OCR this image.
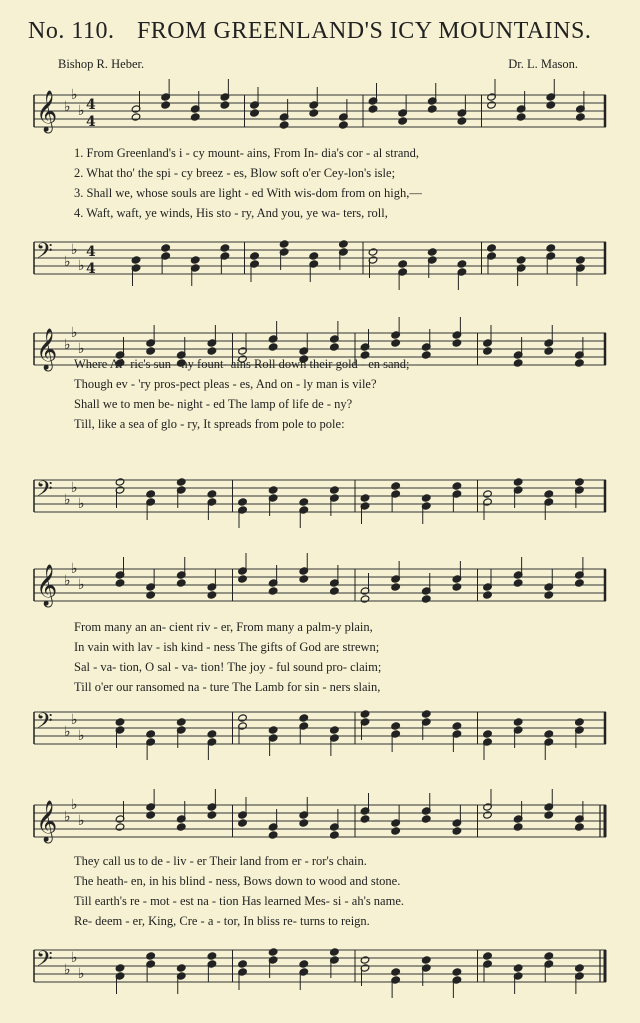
No. 110. FROM GREENLAND'S ICY MOUNTAINS.
Bishop R. Heber.	Dr. L. Mason.
𝄞 ♭
♭
♭ 4
4
1. From Greenland's i - cy mount- ains, From In- dia's cor - al strand,
2. What tho' the spi - cy breez - es, Blow soft o'er Cey-lon's isle;
3. Shall we, whose souls are light - ed With wis-dom from on high,—
4. Waft, waft, ye winds, His sto - ry, And you, ye wa- ters, roll,
𝄢 ♭
♭
♭
4
4
𝄞 ♭
♭
♭
Where Af- ric's sun - ny fount- ains Roll down their gold - en sand;
Though ev - 'ry pros-pect pleas - es, And on - ly man is vile?
Shall we to men be- night - ed The lamp of life de - ny?
Till, like a sea of glo - ry, It spreads from pole to pole:
𝄢 ♭
♭
♭
𝄞 ♭
♭
♭
From many an an- cient riv - er, From many a palm-y plain,
In vain with lav - ish kind - ness The gifts of God are strewn;
Sal - va- tion, O sal - va- tion! The joy - ful sound pro- claim;
Till o'er our ransomed na - ture The Lamb for sin - ners slain,
𝄢 ♭
♭
♭
𝄞 ♭
♭
♭
They call us to de - liv - er Their land from er - ror's chain.
The heath- en, in his blind - ness, Bows down to wood and stone.
Till earth's re - mot - est na - tion Has learned Mes- si - ah's name.
Re- deem - er, King, Cre - a - tor, In bliss re- turns to reign.
𝄢 ♭
♭
♭
